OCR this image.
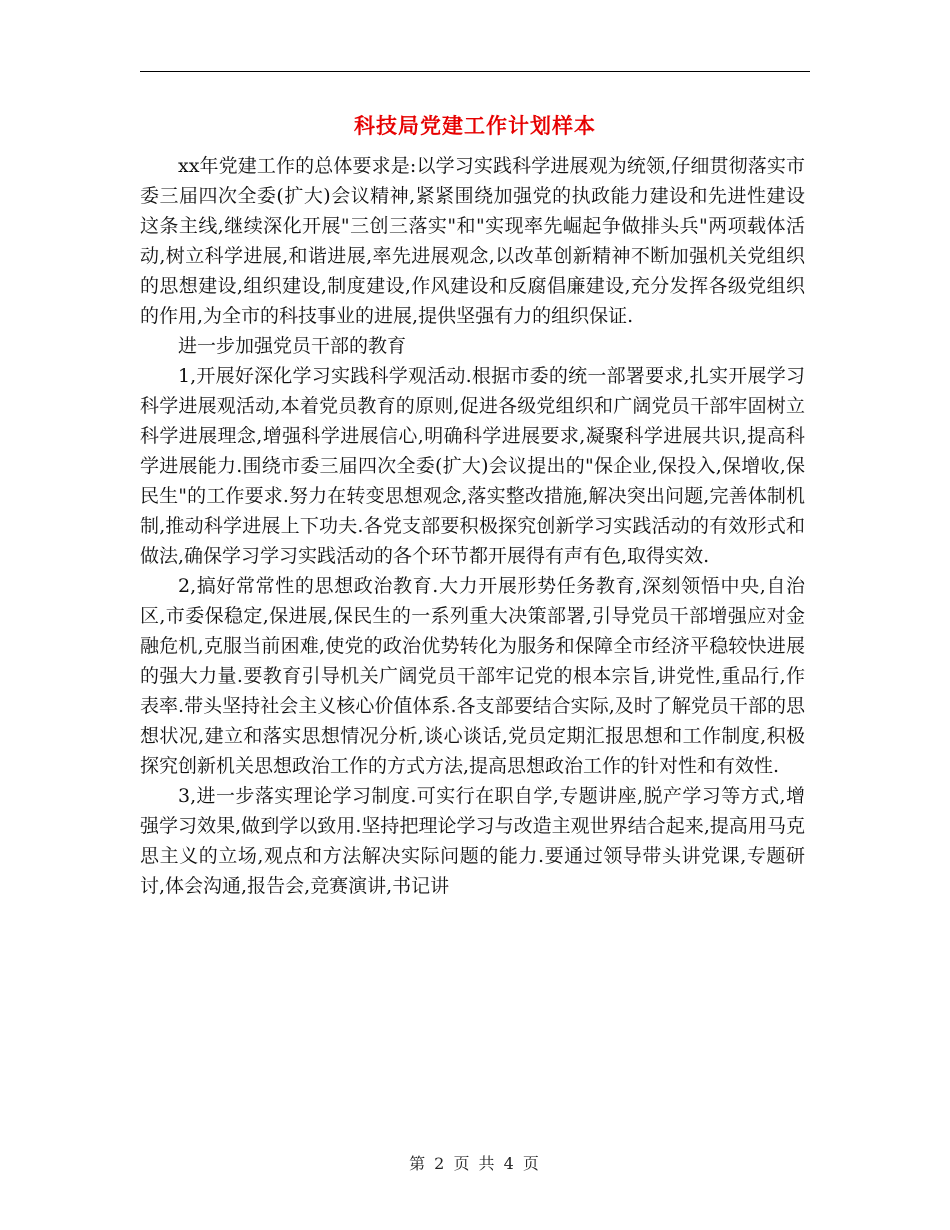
科技局党建工作计划样本

xx年党建工作的总体要求是:以学习实践科学进展观为统领,仔细贯彻落实市委三届四次全委(扩大)会议精神,紧紧围绕加强党的执政能力建设和先进性建设这条主线,继续深化开展"三创三落实"和"实现率先崛起争做排头兵"两项载体活动,树立科学进展,和谐进展,率先进展观念,以改革创新精神不断加强机关党组织的思想建设,组织建设,制度建设,作风建设和反腐倡廉建设,充分发挥各级党组织的作用,为全市的科技事业的进展,提供坚强有力的组织保证.

进一步加强党员干部的教育

1,开展好深化学习实践科学观活动.根据市委的统一部署要求,扎实开展学习科学进展观活动,本着党员教育的原则,促进各级党组织和广阔党员干部牢固树立科学进展理念,增强科学进展信心,明确科学进展要求,凝聚科学进展共识,提高科学进展能力.围绕市委三届四次全委(扩大)会议提出的"保企业,保投入,保增收,保民生"的工作要求.努力在转变思想观念,落实整改措施,解决突出问题,完善体制机制,推动科学进展上下功夫.各党支部要积极探究创新学习实践活动的有效形式和做法,确保学习学习实践活动的各个环节都开展得有声有色,取得实效.

2,搞好常常性的思想政治教育.大力开展形势任务教育,深刻领悟中央,自治区,市委保稳定,保进展,保民生的一系列重大决策部署,引导党员干部增强应对金融危机,克服当前困难,使党的政治优势转化为服务和保障全市经济平稳较快进展的强大力量.要教育引导机关广阔党员干部牢记党的根本宗旨,讲党性,重品行,作表率.带头坚持社会主义核心价值体系.各支部要结合实际,及时了解党员干部的思想状况,建立和落实思想情况分析,谈心谈话,党员定期汇报思想和工作制度,积极探究创新机关思想政治工作的方式方法,提高思想政治工作的针对性和有效性.

3,进一步落实理论学习制度.可实行在职自学,专题讲座,脱产学习等方式,增强学习效果,做到学以致用.坚持把理论学习与改造主观世界结合起来,提高用马克思主义的立场,观点和方法解决实际问题的能力.要通过领导带头讲党课,专题研讨,体会沟通,报告会,竞赛演讲,书记讲

第 2 页 共 4 页
